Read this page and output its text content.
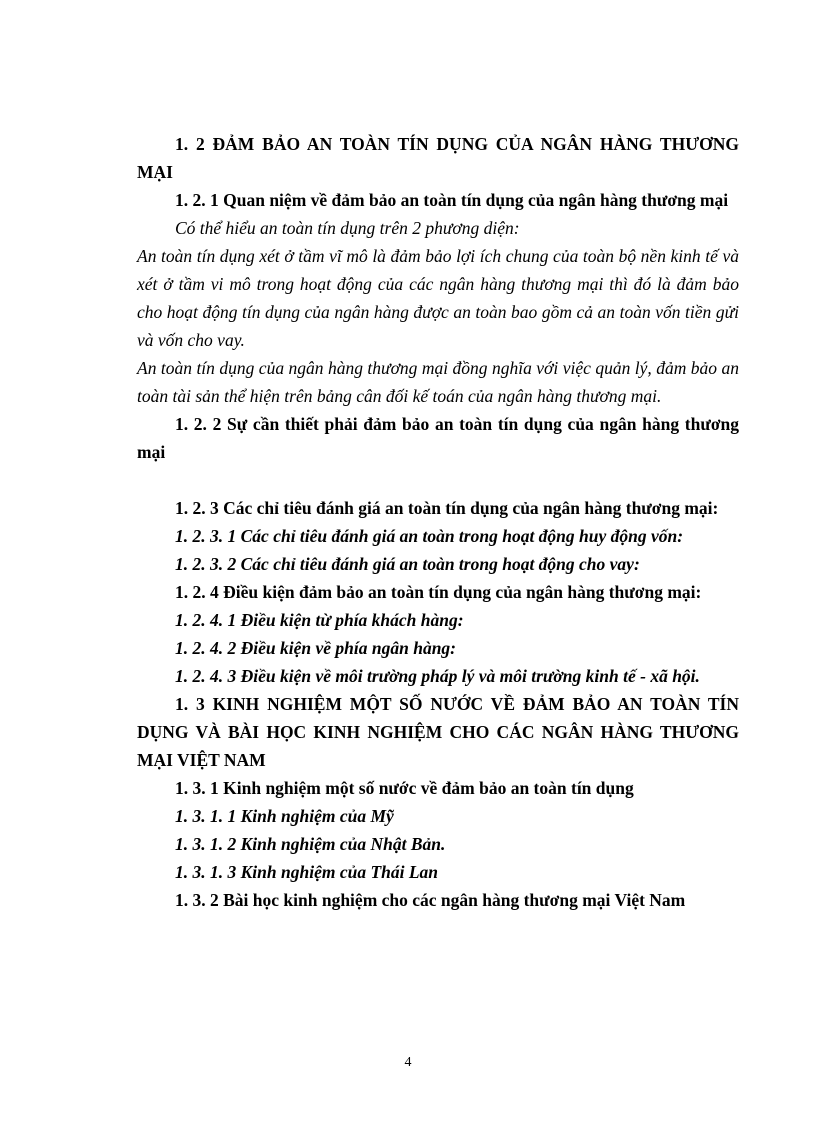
1. 2 ĐẢM BẢO AN TOÀN TÍN DỤNG CỦA NGÂN HÀNG THƯƠNG MẠI

1. 2. 1 Quan niệm về đảm bảo an toàn tín dụng của ngân hàng thương mại

Có thể hiểu an toàn tín dụng trên 2 phương diện:

An toàn tín dụng xét ở tầm vĩ mô là đảm bảo lợi ích chung của toàn bộ nền kinh tế và xét ở tầm vi mô trong hoạt động của các ngân hàng thương mại thì đó là đảm bảo cho hoạt động tín dụng của ngân hàng được an toàn bao gồm cả an toàn vốn tiền gửi và vốn cho vay.

An toàn tín dụng của ngân hàng thương mại đồng nghĩa với việc quản lý, đảm bảo an toàn tài sản thể hiện trên bảng cân đối kế toán của ngân hàng thương mại.

1. 2. 2 Sự cần thiết phải đảm bảo an toàn tín dụng của ngân hàng thương mại

1. 2. 3 Các chỉ tiêu đánh giá an toàn tín dụng của ngân hàng thương mại:

1. 2. 3. 1 Các chỉ tiêu đánh giá an toàn trong hoạt động huy động vốn:

1. 2. 3. 2 Các chỉ tiêu đánh giá an toàn trong hoạt động cho vay:

1. 2. 4 Điều kiện đảm bảo an toàn tín dụng của ngân hàng thương mại:

1. 2. 4. 1 Điều kiện từ phía khách hàng:

1. 2. 4. 2 Điều kiện về phía ngân hàng:

1. 2. 4. 3 Điều kiện về môi trường pháp lý và môi trường kinh tế - xã hội.

1. 3 KINH NGHIỆM MỘT SỐ NƯỚC VỀ ĐẢM BẢO AN TOÀN TÍN DỤNG VÀ BÀI HỌC KINH NGHIỆM CHO CÁC NGÂN HÀNG THƯƠNG MẠI VIỆT NAM

1. 3. 1 Kinh nghiệm một số nước về đảm bảo an toàn tín dụng

1. 3. 1. 1 Kinh nghiệm của Mỹ

1. 3. 1. 2 Kinh nghiệm của Nhật Bản.

1. 3. 1. 3 Kinh nghiệm của Thái Lan

1. 3. 2 Bài học kinh nghiệm cho các ngân hàng thương mại Việt Nam

4
